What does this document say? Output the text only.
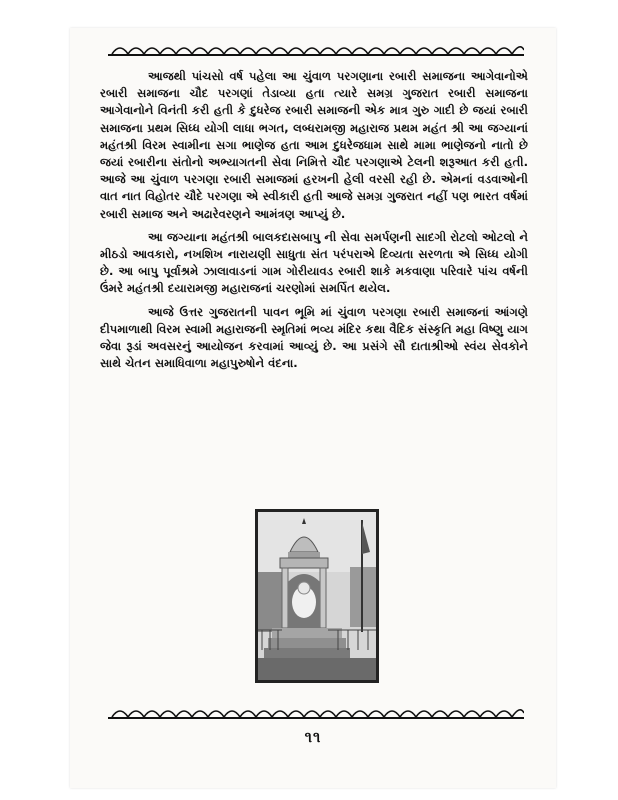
આજથી પાંચસો વર્ષ પહેલા આ ચુંવાળ પરગણાના રબારી સમાજના આગેવાનોએ રબારી સમાજના ચૌદ પરગણાં તેડાવ્યા હતા ત્યારે સમગ્ર ગુજરાત રબારી સમાજના આગેવાનોને વિનંતી કરી હતી કે દુધરેજ રબારી સમાજની એક માત્ર ગુરુ ગાદી છે જયાં રબારી સમાજના પ્રથમ સિધ્ધ યોગી લાધા ભગત, લબ્ધરામજી મહારાજ પ્રથમ મહંત શ્રી આ જગ્યાનાં મહંતશ્રી વિરમ સ્વામીના સગા ભાણેજ હતા આમ દુધરેજધામ સાથે મામા ભાણેજનો નાતો છે જયાં રબારીના સંતોનો અભ્યાગતની સેવા નિમિત્તે ચૌદ પરગણાએ ટેલની શરૂઆત કરી હતી. આજે આ ચુંવાળ પરગણા રબારી સમાજમાં હરખની હેલી વરસી રહી છે. એમનાં વડવાઓની વાત નાત વિહોતર ચૌદે પરગણા એ સ્વીકારી હતી આજે સમગ્ર ગુજરાત નહીં પણ ભારત વર્ષમાં રબારી સમાજ અને અઢારેવરણને આમંત્રણ આપ્યું છે.

આ જગ્યાના મહંતશ્રી બાલકદાસબાપુ ની સેવા સમર્પણની સાદગી રોટલો ઓટલો ને મીઠડો આવકારો, નખશિખ નારાયણી સાધુતા સંત પરંપરાએ દિવ્યતા સરળતા એ સિધ્ધ યોગી છે. આ બાપુ પૂર્વાશ્રમે ઝાલાવાડનાં ગામ ગોરીયાવડ રબારી શાકે મકવાણા પરિવારે પાંચ વર્ષની ઉંમરે મહંતશ્રી દયારામજી મહારાજનાં ચરણોમાં સમર્પિત થયેલ.

આજે ઉત્તર ગુજરાતની પાવન ભૂમિ માં ચુંવાળ પરગણા રબારી સમાજનાં આંગણે દીપમાળાથી વિરમ સ્વામી મહારાજની સ્મૃતિમાં ભવ્ય મંદિર કથા વૈદિક સંસ્કૃતિ મહા વિષ્ણુ યાગ જેવા રૂડાં અવસરનું આયોજન કરવામાં આવ્યું છે. આ પ્રસંગે સૌ દાતાશ્રીઓ સ્વંય સેવકોને સાથે ચેતન સમાધિવાળા મહાપુરુષોને વંદના.

૧૧
